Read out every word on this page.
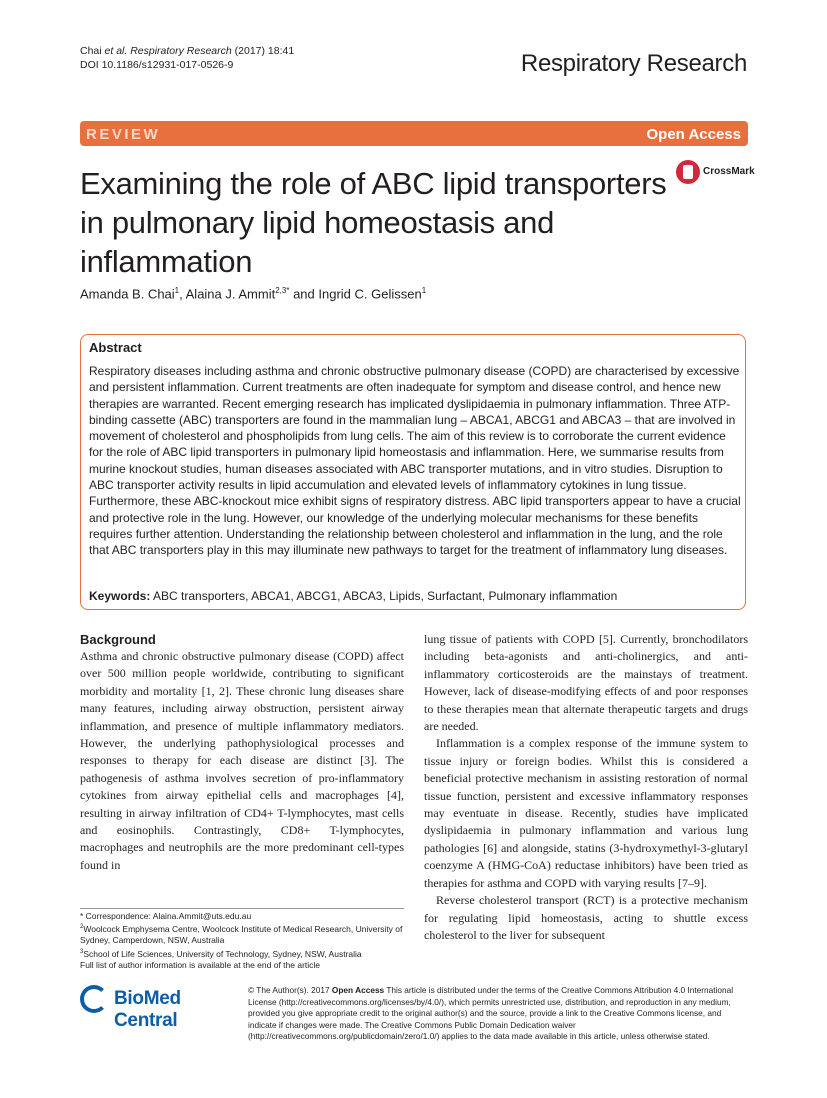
Chai et al. Respiratory Research (2017) 18:41
DOI 10.1186/s12931-017-0526-9	Respiratory Research
REVIEW	Open Access
Examining the role of ABC lipid transporters in pulmonary lipid homeostasis and inflammation
CrossMark
Amanda B. Chai$^1$, Alaina J. Ammit$^{2,3*}$ and Ingrid C. Gelissen$^1$
Abstract
Respiratory diseases including asthma and chronic obstructive pulmonary disease (COPD) are characterised by excessive and persistent inflammation. Current treatments are often inadequate for symptom and disease control, and hence new therapies are warranted. Recent emerging research has implicated dyslipidaemia in pulmonary inflammation. Three ATP-binding cassette (ABC) transporters are found in the mammalian lung – ABCA1, ABCG1 and ABCA3 – that are involved in movement of cholesterol and phospholipids from lung cells. The aim of this review is to corroborate the current evidence for the role of ABC lipid transporters in pulmonary lipid homeostasis and inflammation. Here, we summarise results from murine knockout studies, human diseases associated with ABC transporter mutations, and in vitro studies. Disruption to ABC transporter activity results in lipid accumulation and elevated levels of inflammatory cytokines in lung tissue. Furthermore, these ABC-knockout mice exhibit signs of respiratory distress. ABC lipid transporters appear to have a crucial and protective role in the lung. However, our knowledge of the underlying molecular mechanisms for these benefits requires further attention. Understanding the relationship between cholesterol and inflammation in the lung, and the role that ABC transporters play in this may illuminate new pathways to target for the treatment of inflammatory lung diseases.
Keywords: ABC transporters, ABCA1, ABCG1, ABCA3, Lipids, Surfactant, Pulmonary inflammation
Background

Asthma and chronic obstructive pulmonary disease (COPD) affect over 500 million people worldwide, contributing to significant morbidity and mortality [1, 2]. These chronic lung diseases share many features, including airway obstruction, persistent airway inflammation, and presence of multiple inflammatory mediators. However, the underlying pathophysiological processes and responses to therapy for each disease are distinct [3]. The pathogenesis of asthma involves secretion of pro-inflammatory cytokines from airway epithelial cells and macrophages [4], resulting in airway infiltration of CD4+ T-lymphocytes, mast cells and eosinophils. Contrastingly, CD8+ T-lymphocytes, macrophages and neutrophils are the more predominant cell-types found in

lung tissue of patients with COPD [5]. Currently, bronchodilators including beta-agonists and anti-cholinergics, and anti-inflammatory corticosteroids are the mainstays of treatment. However, lack of disease-modifying effects of and poor responses to these therapies mean that alternate therapeutic targets and drugs are needed.

Inflammation is a complex response of the immune system to tissue injury or foreign bodies. Whilst this is considered a beneficial protective mechanism in assisting restoration of normal tissue function, persistent and excessive inflammatory responses may eventuate in disease. Recently, studies have implicated dyslipidaemia in pulmonary inflammation and various lung pathologies [6] and alongside, statins (3-hydroxymethyl-3-glutaryl coenzyme A (HMG-CoA) reductase inhibitors) have been tried as therapies for asthma and COPD with varying results [7–9].

Reverse cholesterol transport (RCT) is a protective mechanism for regulating lipid homeostasis, acting to shuttle excess cholesterol to the liver for subsequent

* Correspondence: Alaina.Ammit@uts.edu.au
$^2$Woolcock Emphysema Centre, Woolcock Institute of Medical Research, University of Sydney, Camperdown, NSW, Australia
$^3$School of Life Sciences, University of Technology, Sydney, NSW, Australia
Full list of author information is available at the end of the article
BioMed Central
© The Author(s). 2017 Open Access This article is distributed under the terms of the Creative Commons Attribution 4.0 International License (http://creativecommons.org/licenses/by/4.0/), which permits unrestricted use, distribution, and reproduction in any medium, provided you give appropriate credit to the original author(s) and the source, provide a link to the Creative Commons license, and indicate if changes were made. The Creative Commons Public Domain Dedication waiver (http://creativecommons.org/publicdomain/zero/1.0/) applies to the data made available in this article, unless otherwise stated.
